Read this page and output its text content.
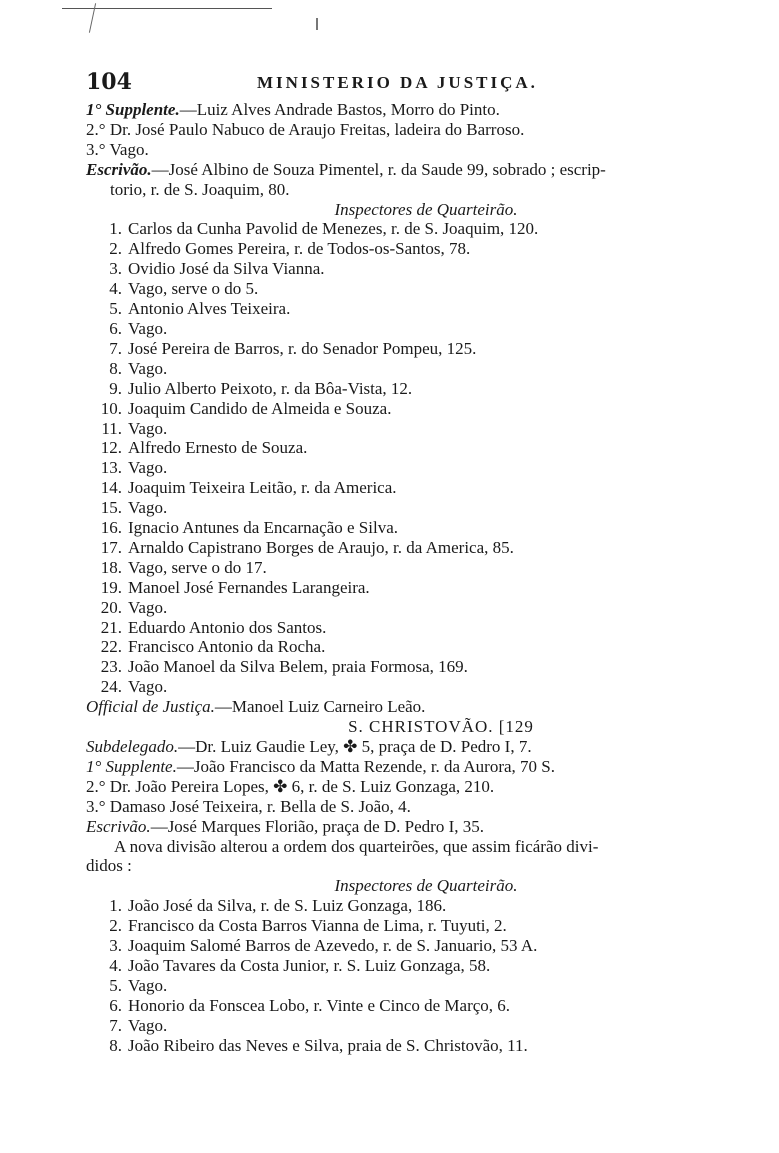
104	MINISTERIO DA JUSTIÇA.
1° Supplente.—Luiz Alves Andrade Bastos, Morro do Pinto.
2.° Dr. José Paulo Nabuco de Araujo Freitas, ladeira do Barroso.
3.° Vago.
Escrivão.—José Albino de Souza Pimentel, r. da Saude 99, sobrado ; escrip-
torio, r. de S. Joaquim, 80.
Inspectores de Quarteirão.
1. Carlos da Cunha Pavolid de Menezes, r. de S. Joaquim, 120.
2. Alfredo Gomes Pereira, r. de Todos-os-Santos, 78.
3. Ovidio José da Silva Vianna.
4. Vago, serve o do 5.
5. Antonio Alves Teixeira.
6. Vago.
7. José Pereira de Barros, r. do Senador Pompeu, 125.
8. Vago.
9. Julio Alberto Peixoto, r. da Bôa-Vista, 12.
10. Joaquim Candido de Almeida e Souza.
11. Vago.
12. Alfredo Ernesto de Souza.
13. Vago.
14. Joaquim Teixeira Leitão, r. da America.
15. Vago.
16. Ignacio Antunes da Encarnação e Silva.
17. Arnaldo Capistrano Borges de Araujo, r. da America, 85.
18. Vago, serve o do 17.
19. Manoel José Fernandes Larangeira.
20. Vago.
21. Eduardo Antonio dos Santos.
22. Francisco Antonio da Rocha.
23. João Manoel da Silva Belem, praia Formosa, 169.
24. Vago.
Official de Justiça.—Manoel Luiz Carneiro Leão.
S. CHRISTOVÃO. [129
Subdelegado.—Dr. Luiz Gaudie Ley, ✤ 5, praça de D. Pedro I, 7.
1° Supplente.—João Francisco da Matta Rezende, r. da Aurora, 70 S.
2.° Dr. João Pereira Lopes, ✤ 6, r. de S. Luiz Gonzaga, 210.
3.° Damaso José Teixeira, r. Bella de S. João, 4.
Escrivão.—José Marques Florião, praça de D. Pedro I, 35.
A nova divisão alterou a ordem dos quarteirões, que assim ficárão divi-
didos :
Inspectores de Quarteirão.
1. João José da Silva, r. de S. Luiz Gonzaga, 186.
2. Francisco da Costa Barros Vianna de Lima, r. Tuyuti, 2.
3. Joaquim Salomé Barros de Azevedo, r. de S. Januario, 53 A.
4. João Tavares da Costa Junior, r. S. Luiz Gonzaga, 58.
5. Vago.
6. Honorio da Fonscea Lobo, r. Vinte e Cinco de Março, 6.
7. Vago.
8. João Ribeiro das Neves e Silva, praia de S. Christovão, 11.
